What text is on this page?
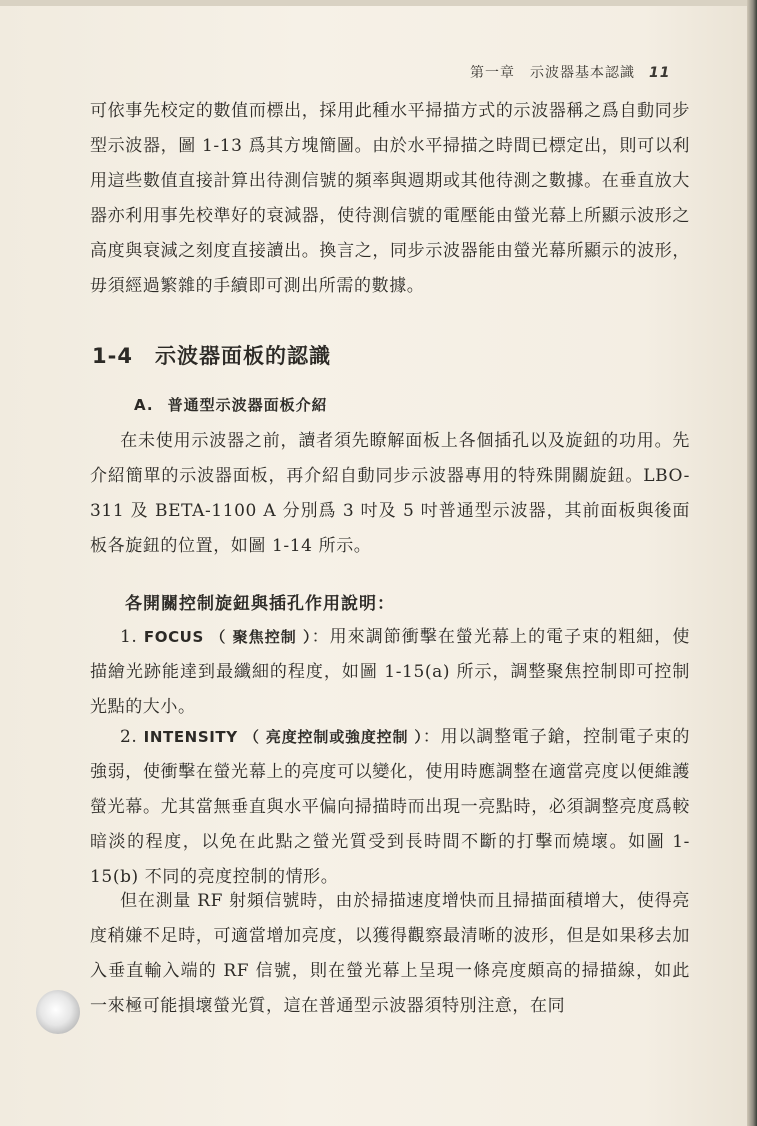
第一章　示波器基本認識 11
可依事先校定的數值而標出，採用此種水平掃描方式的示波器稱之爲自動同步型示波器，圖 1-13 爲其方塊簡圖。由於水平掃描之時間已標定出，則可以利用這些數值直接計算出待測信號的頻率與週期或其他待測之數據。在垂直放大器亦利用事先校準好的衰減器，使待測信號的電壓能由螢光幕上所顯示波形之高度與衰減之刻度直接讀出。換言之，同步示波器能由螢光幕所顯示的波形，毋須經過繁雜的手續即可測出所需的數據。
1-4 示波器面板的認識
A. 普通型示波器面板介紹
在未使用示波器之前，讀者須先瞭解面板上各個插孔以及旋鈕的功用。先介紹簡單的示波器面板，再介紹自動同步示波器專用的特殊開關旋鈕。LBO-311 及 BETA-1100 A 分別爲 3 吋及 5 吋普通型示波器，其前面板與後面板各旋鈕的位置，如圖 1-14 所示。
各開關控制旋鈕與插孔作用說明：
1. FOCUS （ 聚焦控制 ）：用來調節衝擊在螢光幕上的電子束的粗細，使描繪光跡能達到最纖細的程度，如圖 1-15(a) 所示，調整聚焦控制即可控制光點的大小。
2. INTENSITY （ 亮度控制或強度控制 ）：用以調整電子鎗，控制電子束的強弱，使衝擊在螢光幕上的亮度可以變化，使用時應調整在適當亮度以便維護螢光幕。尤其當無垂直與水平偏向掃描時而出現一亮點時，必須調整亮度爲較暗淡的程度，以免在此點之螢光質受到長時間不斷的打擊而燒壞。如圖 1-15(b) 不同的亮度控制的情形。
但在測量 RF 射頻信號時，由於掃描速度增快而且掃描面積增大，使得亮度稍嫌不足時，可適當增加亮度，以獲得觀察最清晰的波形，但是如果移去加入垂直輸入端的 RF 信號，則在螢光幕上呈現一條亮度頗高的掃描線，如此一來極可能損壞螢光質，這在普通型示波器須特別注意，在同
